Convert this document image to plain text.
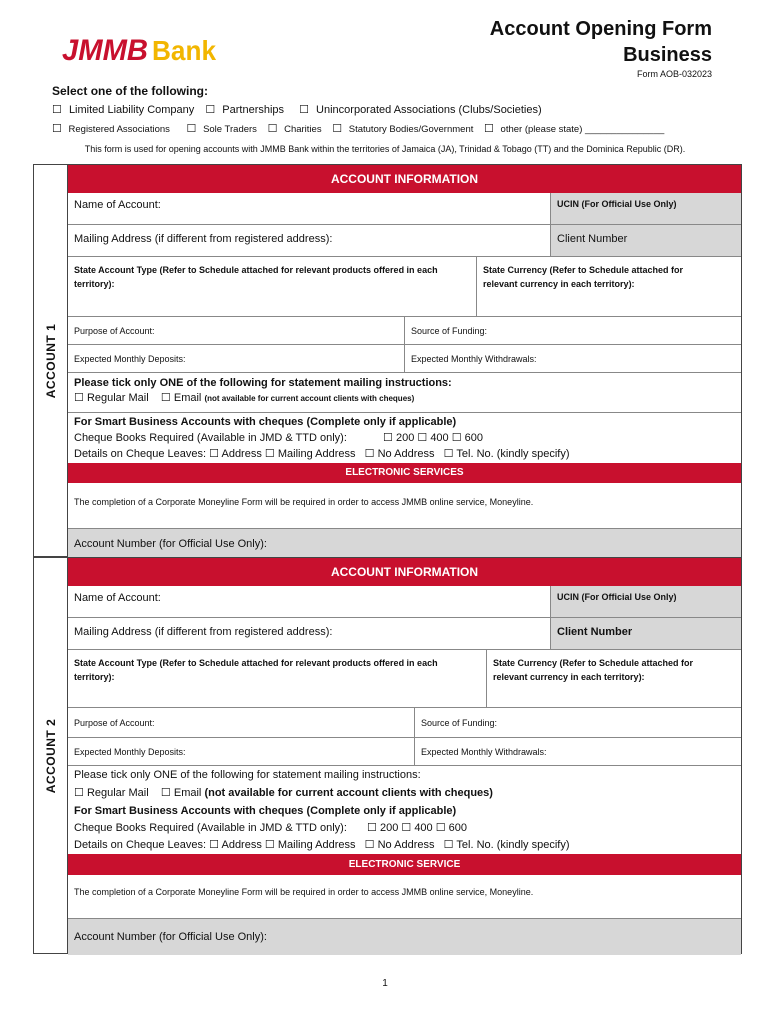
JMMB Bank
Account Opening Form
Business
Form AOB-032023
Select one of the following:
☐ Limited Liability Company ☐ Partnerships ☐ Unincorporated Associations (Clubs/Societies)
☐ Registered Associations ☐ Sole Traders ☐ Charities ☐ Statutory Bodies/Government ☐ other (please state) _______________
This form is used for opening accounts with JMMB Bank within the territories of Jamaica (JA), Trinidad & Tobago (TT) and the Dominica Republic (DR).
ACCOUNT 1
ACCOUNT INFORMATION
Name of Account:	UCIN (For Official Use Only)
Mailing Address (if different from registered address):	Client Number
State Account Type (Refer to Schedule attached for relevant products offered in each territory):
State Currency (Refer to Schedule attached for relevant currency in each territory):
Purpose of Account:	Source of Funding:
Expected Monthly Deposits:	Expected Monthly Withdrawals:
Please tick only ONE of the following for statement mailing instructions:
☐ Regular Mail ☐ Email (not available for current account clients with cheques)
For Smart Business Accounts with cheques (Complete only if applicable)
Cheque Books Required (Available in JMD & TTD only):	☐ 200 ☐ 400 ☐ 600
Details on Cheque Leaves: ☐ Address ☐ Mailing Address ☐ No Address ☐ Tel. No. (kindly specify)
ELECTRONIC SERVICES
The completion of a Corporate Moneyline Form will be required in order to access JMMB online service, Moneyline.
Account Number (for Official Use Only):
ACCOUNT 2
ACCOUNT INFORMATION
Name of Account:	UCIN (For Official Use Only)
Mailing Address (if different from registered address):	Client Number
State Account Type (Refer to Schedule attached for relevant products offered in each territory):
State Currency (Refer to Schedule attached for relevant currency in each territory):
Purpose of Account:	Source of Funding:
Expected Monthly Deposits:	Expected Monthly Withdrawals:
Please tick only ONE of the following for statement mailing instructions:
☐ Regular Mail ☐ Email (not available for current account clients with cheques)
For Smart Business Accounts with cheques (Complete only if applicable)
Cheque Books Required (Available in JMD & TTD only): ☐ 200 ☐ 400 ☐ 600
Details on Cheque Leaves: ☐ Address ☐ Mailing Address ☐ No Address ☐ Tel. No. (kindly specify)
ELECTRONIC SERVICE
The completion of a Corporate Moneyline Form will be required in order to access JMMB online service, Moneyline.
Account Number (for Official Use Only):
1
